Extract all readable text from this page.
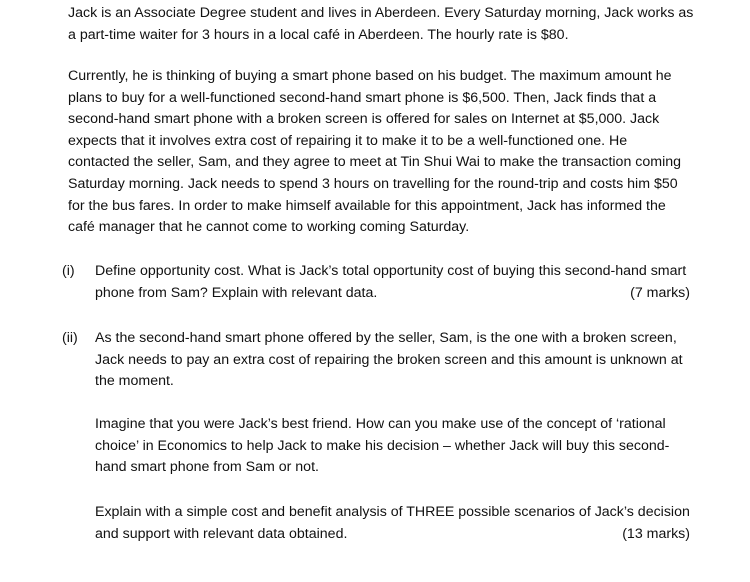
Jack is an Associate Degree student and lives in Aberdeen. Every Saturday morning, Jack works as
a part-time waiter for 3 hours in a local café in Aberdeen. The hourly rate is $80.

Currently, he is thinking of buying a smart phone based on his budget. The maximum amount he
plans to buy for a well-functioned second-hand smart phone is $6,500. Then, Jack finds that a
second-hand smart phone with a broken screen is offered for sales on Internet at $5,000. Jack
expects that it involves extra cost of repairing it to make it to be a well-functioned one. He
contacted the seller, Sam, and they agree to meet at Tin Shui Wai to make the transaction coming
Saturday morning. Jack needs to spend 3 hours on travelling for the round-trip and costs him $50
for the bus fares. In order to make himself available for this appointment, Jack has informed the
café manager that he cannot come to working coming Saturday.

(i) Define opportunity cost. What is Jack’s total opportunity cost of buying this second-hand smart
phone from Sam? Explain with relevant data.	(7 marks)
(ii) As the second-hand smart phone offered by the seller, Sam, is the one with a broken screen,
Jack needs to pay an extra cost of repairing the broken screen and this amount is unknown at
the moment.

Imagine that you were Jack’s best friend. How can you make use of the concept of ‘rational
choice’ in Economics to help Jack to make his decision – whether Jack will buy this second-
hand smart phone from Sam or not.

Explain with a simple cost and benefit analysis of THREE possible scenarios of Jack’s decision
and support with relevant data obtained.	(13 marks)
